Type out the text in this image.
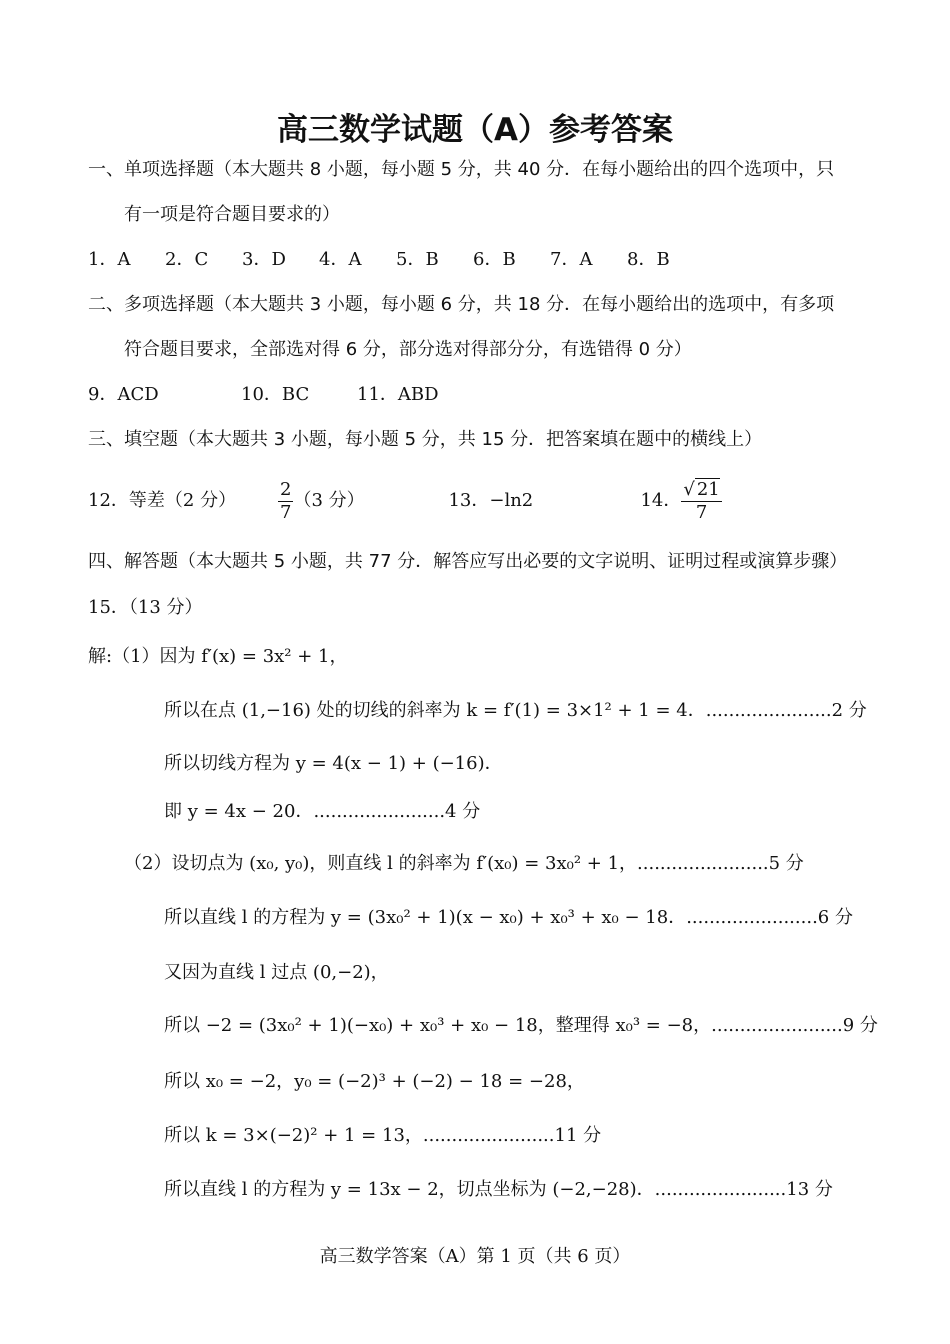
高三数学试题（A）参考答案
一、单项选择题（本大题共 8 小题，每小题 5 分，共 40 分．在每小题给出的四个选项中，只
有一项是符合题目要求的）
1．A	2．C	3．D	4．A	5．B	6．B	7．A	8．B
二、多项选择题（本大题共 3 小题，每小题 6 分，共 18 分．在每小题给出的选项中，有多项
符合题目要求，全部选对得 6 分，部分选对得部分分，有选错得 0 分）
9．ACD	10．BC	11．ABD
三、填空题（本大题共 3 小题，每小题 5 分，共 15 分．把答案填在题中的横线上）
12．等差（2 分）	$\frac{2}{7} (3$ 分）	13．−ln2	14． $\frac{√ 21}{7}$
四、解答题（本大题共 5 小题，共 77 分．解答应写出必要的文字说明、证明过程或演算步骤）
15．（13 分）
解:（1）因为 f′(x) = 3x² + 1，
所以在点 (1,−16) 处的切线的斜率为 k = f′(1) = 3×1² + 1 = 4．......................2 分
所以切线方程为 y = 4(x − 1) + (−16)．
即 y = 4x − 20．.......................4 分
（2）设切点为 (x₀, y₀)，则直线 l 的斜率为 f′(x₀) = 3x₀² + 1，.......................5 分
所以直线 l 的方程为 y = (3x₀² + 1)(x − x₀) + x₀³ + x₀ − 18．.......................6 分
又因为直线 l 过点 (0,−2)，
所以 −2 = (3x₀² + 1)(−x₀) + x₀³ + x₀ − 18，整理得 x₀³ = −8，.......................9 分
所以 x₀ = −2，y₀ = (−2)³ + (−2) − 18 = −28，
所以 k = 3×(−2)² + 1 = 13，.......................11 分
所以直线 l 的方程为 y = 13x − 2，切点坐标为 (−2,−28)．.......................13 分
高三数学答案（A）第 1 页（共 6 页）
